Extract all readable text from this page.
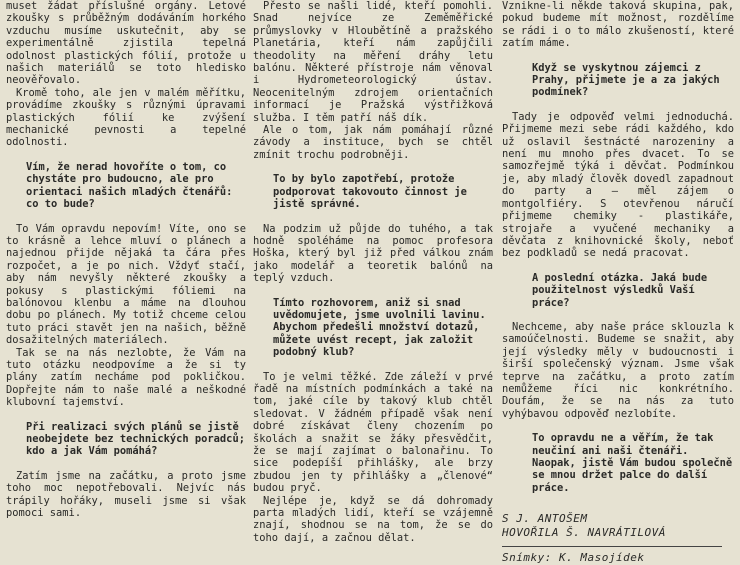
muset žádat příslušné orgány. Letové zkoušky s průběžným dodáváním horkého vzduchu musíme uskutečnit, aby se experimentálně zjistila tepelná odolnost plastických fólií, protože u našich materiálů se toto hledisko neověřovalo.

Kromě toho, ale jen v malém měřítku, provádíme zkoušky s různými úpravami plastických fólií ke zvýšení mechanické pevnosti a tepelné odolnosti.

Vím, že nerad hovoříte o tom, co chystáte pro budoucno, ale pro orientaci našich mladých čtenářů: co to bude?

To Vám opravdu nepovím! Víte, ono se to krásně a lehce mluví o plánech a najednou přijde nějaká ta čára přes rozpočet, a je po nich. Vždyť stačí, aby nám nevyšly některé zkoušky a pokusy s plastickými fóliemi na balónovou klenbu a máme na dlouhou dobu po plánech. My totiž chceme celou tuto práci stavět jen na našich, běžně dosažitelných materiálech.

Tak se na nás nezlobte, že Vám na tuto otázku neodpovíme a že si ty plány zatím necháme pod pokličkou. Dopřejte nám to naše malé a neškodné klubovní tajemství.

Při realizaci svých plánů se jistě neobejdete bez technických poradců; kdo a jak Vám pomáhá?

Zatím jsme na začátku, a proto jsme toho moc nepotřebovali. Nejvíc nás trápily hořáky, museli jsme si však pomoci sami.

Přesto se našli lidé, kteří pomohli. Snad nejvíce ze Zeměměřické průmyslovky v Hloubětíně a pražského Planetária, kteří nám zapůjčili theodolity na měření dráhy letu balónu. Některé přístroje nám věnoval i Hydrometeorologický ústav. Neocenitelným zdrojem orientačních informací je Pražská výstřižková služba. I těm patří náš dík.

Ale o tom, jak nám pomáhají různé závody a instituce, bych se chtěl zmínit trochu podrobněji.

To by bylo zapotřebí, protože podporovat takovouto činnost je jistě správné.

Na podzim už půjde do tuhého, a tak hodně spoléháme na pomoc profesora Hoška, který byl již před válkou znám jako modelář a teoretik balónů na teplý vzduch.

Tímto rozhovorem, aniž si snad uvědomujete, jsme uvolnili lavinu. Abychom předešli množství dotazů, můžete uvést recept, jak založit podobný klub?

To je velmi těžké. Zde záleží v prvé řadě na místních podmínkách a také na tom, jaké cíle by takový klub chtěl sledovat. V žádném případě však není dobré získávat členy chozením po školách a snažit se žáky přesvědčit, že se mají zajímat o balonařinu. To sice podepíší přihlášky, ale brzy zbudou jen ty přihlášky a „členové“ budou pryč.

Nejlépe je, když se dá dohromady parta mladých lidí, kteří se vzájemně znají, shodnou se na tom, že se do toho dají, a začnou dělat.

Vznikne-li někde taková skupina, pak, pokud budeme mít možnost, rozdělíme se rádi i o to málo zkušeností, které zatím máme.

Když se vyskytnou zájemci z Prahy, přijmete je a za jakých podmínek?

Tady je odpověď velmi jednoduchá. Přijmeme mezi sebe rádi každého, kdo už oslavil šestnácté narozeniny a není mu mnoho přes dvacet. To se samozřejmě týká i děvčat. Podmínkou je, aby mladý člověk dovedl zapadnout do party a — měl zájem o montgolfiéry. S otevřenou náručí přijmeme chemiky - plastikáře, strojaře a vyučené mechaniky a děvčata z knihovnické školy, neboť bez podkladů se nedá pracovat.

A poslední otázka. Jaká bude použitelnost výsledků Vaší práce?

Nechceme, aby naše práce sklouzla k samoúčelnosti. Budeme se snažit, aby její výsledky měly v budoucnosti i širší společenský význam. Jsme však teprve na začátku, a proto zatím nemůžeme říci nic konkrétního. Doufám, že se na nás za tuto vyhýbavou odpověď nezlobíte.

To opravdu ne a věřím, že tak neučiní ani naši čtenáři. Naopak, jistě Vám budou společně se mnou držet palce do další práce.

S J. ANTOŠEM

HOVOŘILA Š. NAVRÁTILOVÁ

Snímky: K. Masojídek
